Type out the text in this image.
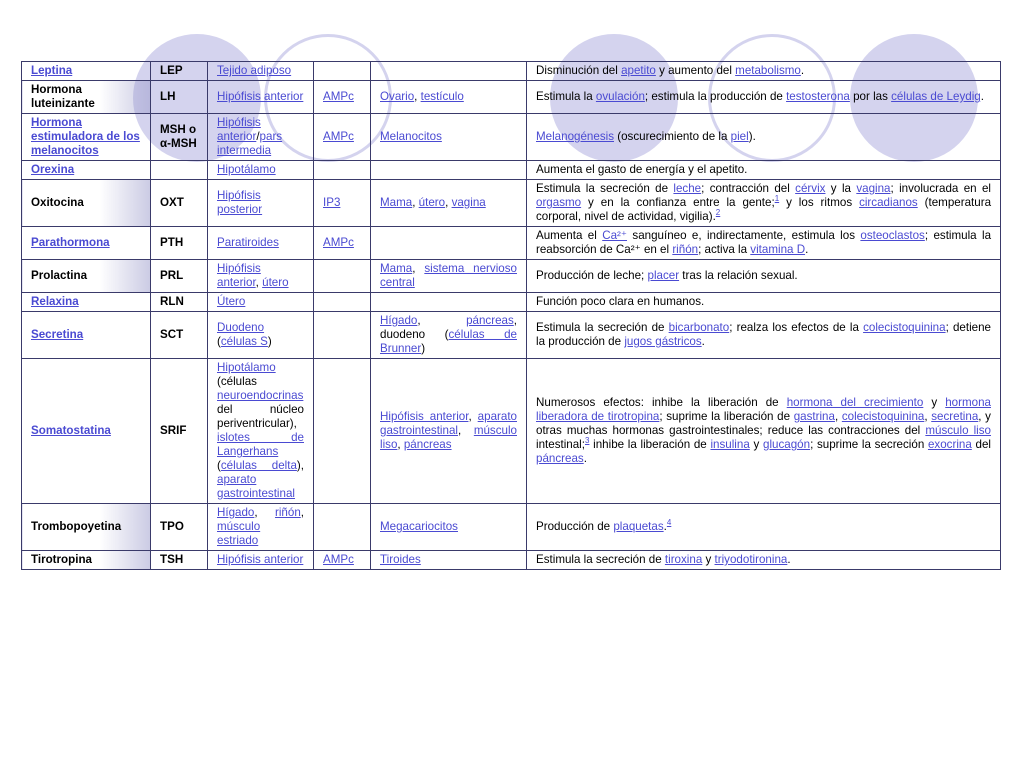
Leptina	LEP	Tejido adiposo			Disminución del apetito y aumento del metabolismo.
Hormona luteinizante	LH	Hipófisis anterior	AMPc	Ovario, testículo	Estimula la ovulación; estimula la producción de testosterona por las células de Leydig.
Hormona estimuladora de los melanocitos	MSH o α-MSH	Hipófisis anterior/pars intermedia	AMPc	Melanocitos	Melanogénesis (oscurecimiento de la piel).
Orexina		Hipotálamo			Aumenta el gasto de energía y el apetito.
Oxitocina	OXT	Hipófisis posterior	IP3	Mama, útero, vagina	Estimula la secreción de leche; contracción del cérvix y la vagina; involucrada en el orgasmo y en la confianza entre la gente;$^1$ y los ritmos circadianos (temperatura corporal, nivel de actividad, vigilia).$^2$
Parathormona	PTH	Paratiroides	AMPc		Aumenta el Ca²⁺ sanguíneo e, indirectamente, estimula los osteoclastos; estimula la reabsorción de Ca²⁺ en el riñón; activa la vitamina D.
Prolactina	PRL	Hipófisis anterior, útero		Mama, sistema nervioso central	Producción de leche; placer tras la relación sexual.
Relaxina	RLN	Útero			Función poco clara en humanos.
Secretina	SCT	Duodeno (células S)		Hígado, páncreas, duodeno (células de Brunner)	Estimula la secreción de bicarbonato; realza los efectos de la colecistoquinina; detiene la producción de jugos gástricos.
Somatostatina	SRIF	Hipotálamo (células neuroendocrinas del núcleo periventricular), islotes de Langerhans (células delta), aparato gastrointestinal		Hipófisis anterior, aparato gastrointestinal, músculo liso, páncreas	Numerosos efectos: inhibe la liberación de hormona del crecimiento y hormona liberadora de tirotropina; suprime la liberación de gastrina, colecistoquinina, secretina, y otras muchas hormonas gastrointestinales; reduce las contracciones del músculo liso intestinal;$^3$ inhibe la liberación de insulina y glucagón; suprime la secreción exocrina del páncreas.
Trombopoyetina	TPO	Hígado, riñón, músculo estriado		Megacariocitos	Producción de plaquetas.$^4$
Tirotropina	TSH	Hipófisis anterior	AMPc	Tiroides	Estimula la secreción de tiroxina y triyodotironina.
